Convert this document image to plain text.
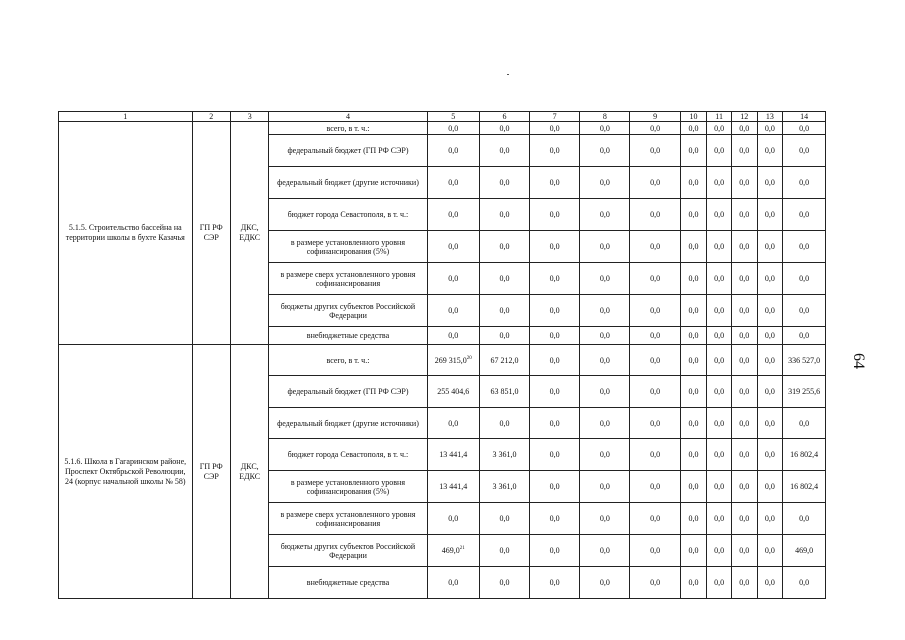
1	2	3	4	5	6	7	8	9	10	11	12	13	14
5.1.5. Строительство бассейна на территории школы в бухте Казачья	ГП РФ СЭР	ДКС, ЕДКС	всего, в т. ч.:	0,0	0,0	0,0	0,0	0,0	0,0	0,0	0,0	0,0	0,0
			федеральный бюджет (ГП РФ СЭР)	0,0	0,0	0,0	0,0	0,0	0,0	0,0	0,0	0,0	0,0
			федеральный бюджет (другие источники)	0,0	0,0	0,0	0,0	0,0	0,0	0,0	0,0	0,0	0,0
			бюджет города Севастополя, в т. ч.:	0,0	0,0	0,0	0,0	0,0	0,0	0,0	0,0	0,0	0,0
			в размере установленного уровня софинансирования (5%)	0,0	0,0	0,0	0,0	0,0	0,0	0,0	0,0	0,0	0,0
			в размере сверх установленного уровня софинансирования	0,0	0,0	0,0	0,0	0,0	0,0	0,0	0,0	0,0	0,0
			бюджеты других субъектов Российской Федерации	0,0	0,0	0,0	0,0	0,0	0,0	0,0	0,0	0,0	0,0
			внебюджетные средства	0,0	0,0	0,0	0,0	0,0	0,0	0,0	0,0	0,0	0,0
5.1.6. Школа в Гагаринском районе, Проспект Октябрьской Революции, 24 (корпус начальной школы № 58)	ГП РФ СЭР	ДКС, ЕДКС	всего, в т. ч.:	269 315,0$^{20}$	67 212,0	0,0	0,0	0,0	0,0	0,0	0,0	0,0	336 527,0
			федеральный бюджет (ГП РФ СЭР)	255 404,6	63 851,0	0,0	0,0	0,0	0,0	0,0	0,0	0,0	319 255,6
			федеральный бюджет (другие источники)	0,0	0,0	0,0	0,0	0,0	0,0	0,0	0,0	0,0	0,0
			бюджет города Севастополя, в т. ч.:	13 441,4	3 361,0	0,0	0,0	0,0	0,0	0,0	0,0	0,0	16 802,4
			в размере установленного уровня софинансирования (5%)	13 441,4	3 361,0	0,0	0,0	0,0	0,0	0,0	0,0	0,0	16 802,4
			в размере сверх установленного уровня софинансирования	0,0	0,0	0,0	0,0	0,0	0,0	0,0	0,0	0,0	0,0
			бюджеты других субъектов Российской Федерации	469,0$^{21}$	0,0	0,0	0,0	0,0	0,0	0,0	0,0	0,0	469,0
			внебюджетные средства	0,0	0,0	0,0	0,0	0,0	0,0	0,0	0,0	0,0	0,0
64
